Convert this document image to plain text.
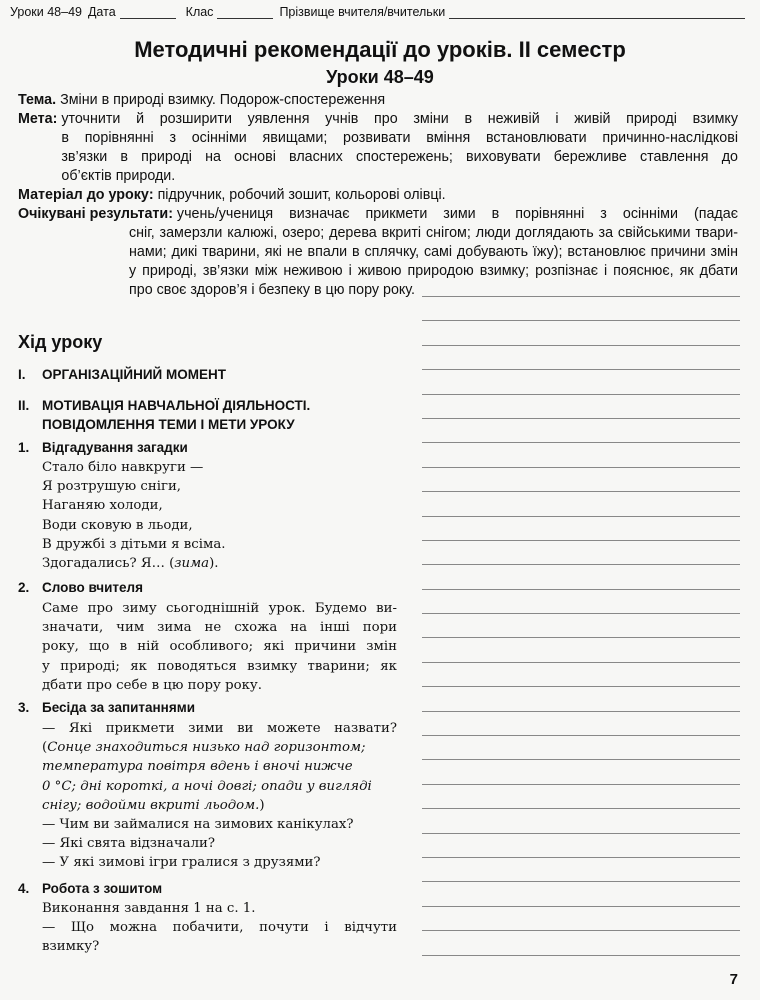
Уроки 48–49 Дата	Клас	Прізвище вчителя/вчительки
Методичні рекомендації до уроків. ІІ семестр
Уроки 48–49
Тема . Зміни в природі взимку. Подорож-спостереження
Мета : уточнити й розширити уявлення учнів про зміни в неживій і живій природі взимку
в порівнянні з осінніми явищами; розвивати вміння встановлювати причинно-наслідкові
зв’язки в природі на основі власних спостережень; виховувати бережливе ставлення до
об’єктів природи.
Матеріал до уроку : підручник, робочий зошит, кольорові олівці.
Очікувані результати : учень/учениця визначає прикмети зими в порівнянні з осінніми (падає
сніг, замерзли калюжі, озеро; дерева вкриті снігом; люди доглядають за свійськими твари-
нами; дикі тварини, які не впали в сплячку, самі добувають їжу); встановлює причини змін
у природі, зв’язки між неживою і живою природою взимку; розпізнає і пояснює, як дбати
про своє здоров’я і безпеку в цю пору року.
Хід уроку
I.	ОРГАНІЗАЦІЙНИЙ МОМЕНТ
II. МОТИВАЦІЯ НАВЧАЛЬНОЇ ДІЯЛЬНОСТІ.
ПОВІДОМЛЕННЯ ТЕМИ І МЕТИ УРОКУ
1. Відгадування загадки
Стало біло навкруги —
Я розтрушую сніги,
Наганяю холоди,
Води сковую в льоди,
В дружбі з дітьми я всіма.
Здогадались? Я… (зима).
2. Слово вчителя
Саме про зиму сьогоднішній урок. Будемо ви-
значати, чим зима не схожа на інші пори
року, що в ній особливого; які причини змін
у природі; як поводяться взимку тварини; як
дбати про себе в цю пору року.
3. Бесіда за запитаннями
— Які прикмети зими ви можете назвати?
(Сонце знаходиться низько над горизонтом;
температура повітря вдень і вночі нижче
0 °С; дні короткі, а ночі довгі; опади у вигляді
снігу; водойми вкриті льодом.)
— Чим ви займалися на зимових канікулах?
— Які свята відзначали?
— У які зимові ігри гралися з друзями?
4. Робота з зошитом
Виконання завдання 1 на с. 1.
— Що можна побачити, почути і відчути
взимку?
7
